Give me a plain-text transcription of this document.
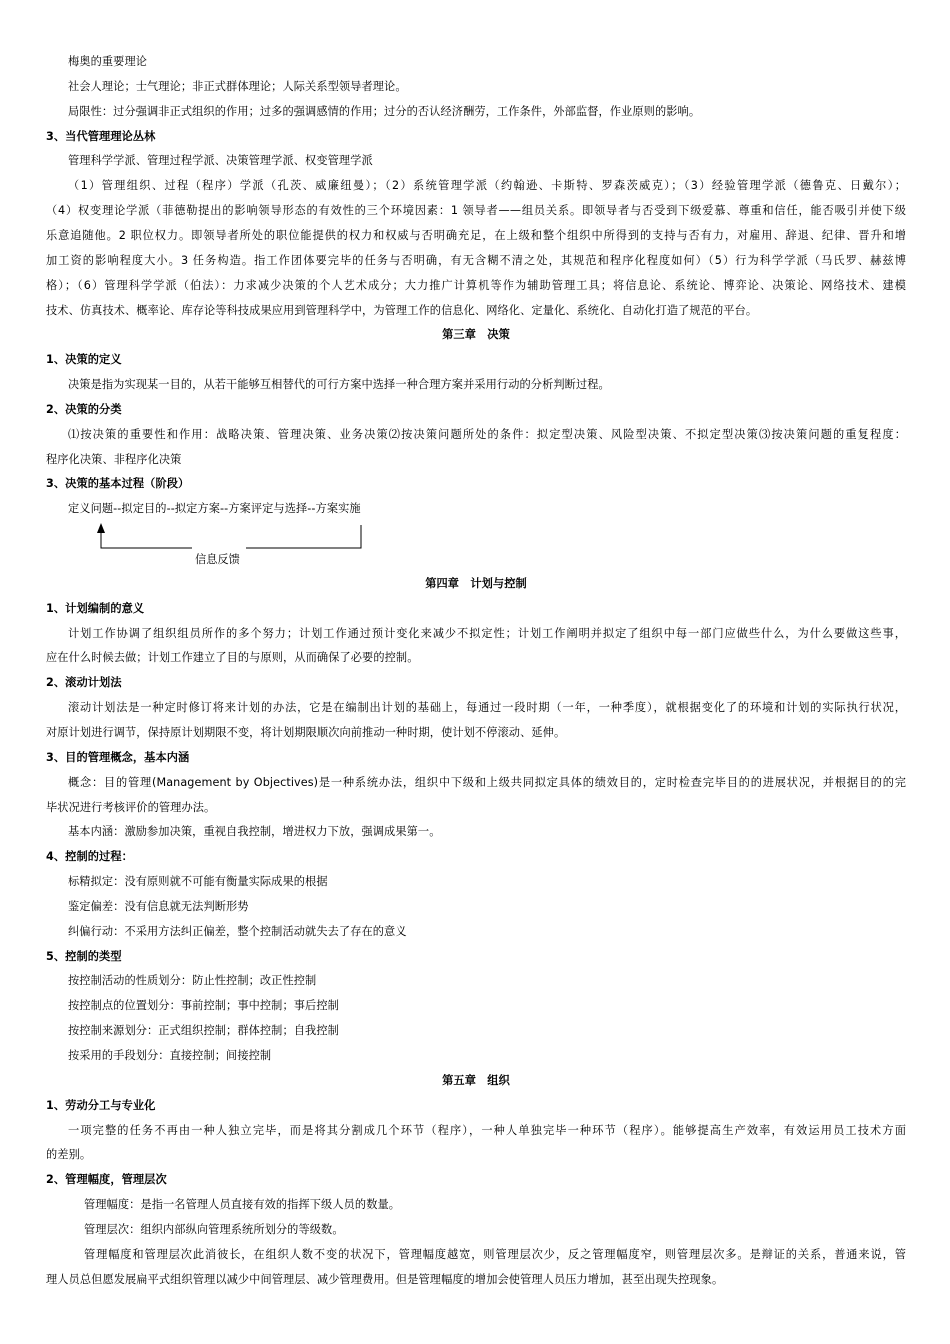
梅奥的重要理论
社会人理论；士气理论；非正式群体理论；人际关系型领导者理论。
局限性：过分强调非正式组织的作用；过多的强调感情的作用；过分的否认经济酬劳，工作条件，外部监督，作业原则的影响。
3、当代管理理论丛林
管理科学学派、管理过程学派、决策管理学派、权变管理学派
（1）管理组织、过程（程序）学派（孔茨、威廉纽曼）；（2）系统管理学派（约翰逊、卡斯特、罗森茨威克）；（3）经验管理学派（德鲁克、日戴尔）；
（4）权变理论学派（菲德勒提出的影响领导形态的有效性的三个环境因素：1 领导者——组员关系。即领导者与否受到下级爱慕、尊重和信任，能否吸引并使下级
乐意追随他。2 职位权力。即领导者所处的职位能提供的权力和权威与否明确充足，在上级和整个组织中所得到的支持与否有力，对雇用、辞退、纪律、晋升和增
加工资的影响程度大小。3 任务构造。指工作团体要完毕的任务与否明确，有无含糊不清之处，其规范和程序化程度如何）（5）行为科学学派（马氏罗、赫兹博
格）；（6）管理科学学派（伯法）：力求减少决策的个人艺术成分；大力推广计算机等作为辅助管理工具；将信息论、系统论、博弈论、决策论、网络技术、建模
技术、仿真技术、概率论、库存论等科技成果应用到管理科学中，为管理工作的信息化、网络化、定量化、系统化、自动化打造了规范的平台。
第三章　决策
1、决策的定义
决策是指为实现某一目的，从若干能够互相替代的可行方案中选择一种合理方案并采用行动的分析判断过程。
2、决策的分类
⑴按决策的重要性和作用：战略决策、管理决策、业务决策⑵按决策问题所处的条件：拟定型决策、风险型决策、不拟定型决策⑶按决策问题的重复程度：
程序化决策、非程序化决策
3、决策的基本过程（阶段）
定义问题--拟定目的--拟定方案--方案评定与选择--方案实施
第四章　计划与控制
1、计划编制的意义
计划工作协调了组织组员所作的多个努力；计划工作通过预计变化来减少不拟定性；计划工作阐明并拟定了组织中每一部门应做些什么，为什么要做这些事，
应在什么时候去做；计划工作建立了目的与原则，从而确保了必要的控制。
2、滚动计划法
滚动计划法是一种定时修订将来计划的办法，它是在编制出计划的基础上，每通过一段时期（一年，一种季度），就根据变化了的环境和计划的实际执行状况，
对原计划进行调节，保持原计划期限不变，将计划期限顺次向前推动一种时期，使计划不停滚动、延伸。
3、目的管理概念，基本内涵
概念：目的管理(Management by Objectives)是一种系统办法，组织中下级和上级共同拟定具体的绩效目的，定时检查完毕目的的进展状况，并根据目的的完
毕状况进行考核评价的管理办法。
基本内涵：激励参加决策，重视自我控制，增进权力下放，强调成果第一。
4、控制的过程：
标精拟定：没有原则就不可能有衡量实际成果的根据
鉴定偏差：没有信息就无法判断形势
纠偏行动：不采用方法纠正偏差，整个控制活动就失去了存在的意义
5、控制的类型
按控制活动的性质划分：防止性控制；改正性控制
按控制点的位置划分：事前控制；事中控制；事后控制
按控制来源划分：正式组织控制；群体控制；自我控制
按采用的手段划分：直接控制；间接控制
第五章　组织
1、劳动分工与专业化
一项完整的任务不再由一种人独立完毕，而是将其分割成几个环节（程序），一种人单独完毕一种环节（程序）。能够提高生产效率，有效运用员工技术方面
的差别。
2、管理幅度，管理层次
管理幅度：是指一名管理人员直接有效的指挥下级人员的数量。
管理层次：组织内部纵向管理系统所划分的等级数。
管理幅度和管理层次此消彼长，在组织人数不变的状况下，管理幅度越宽，则管理层次少，反之管理幅度窄，则管理层次多。是辩证的关系，普通来说，管
理人员总但愿发展扁平式组织管理以减少中间管理层、减少管理费用。但是管理幅度的增加会使管理人员压力增加，甚至出现失控现象。
信息反馈
